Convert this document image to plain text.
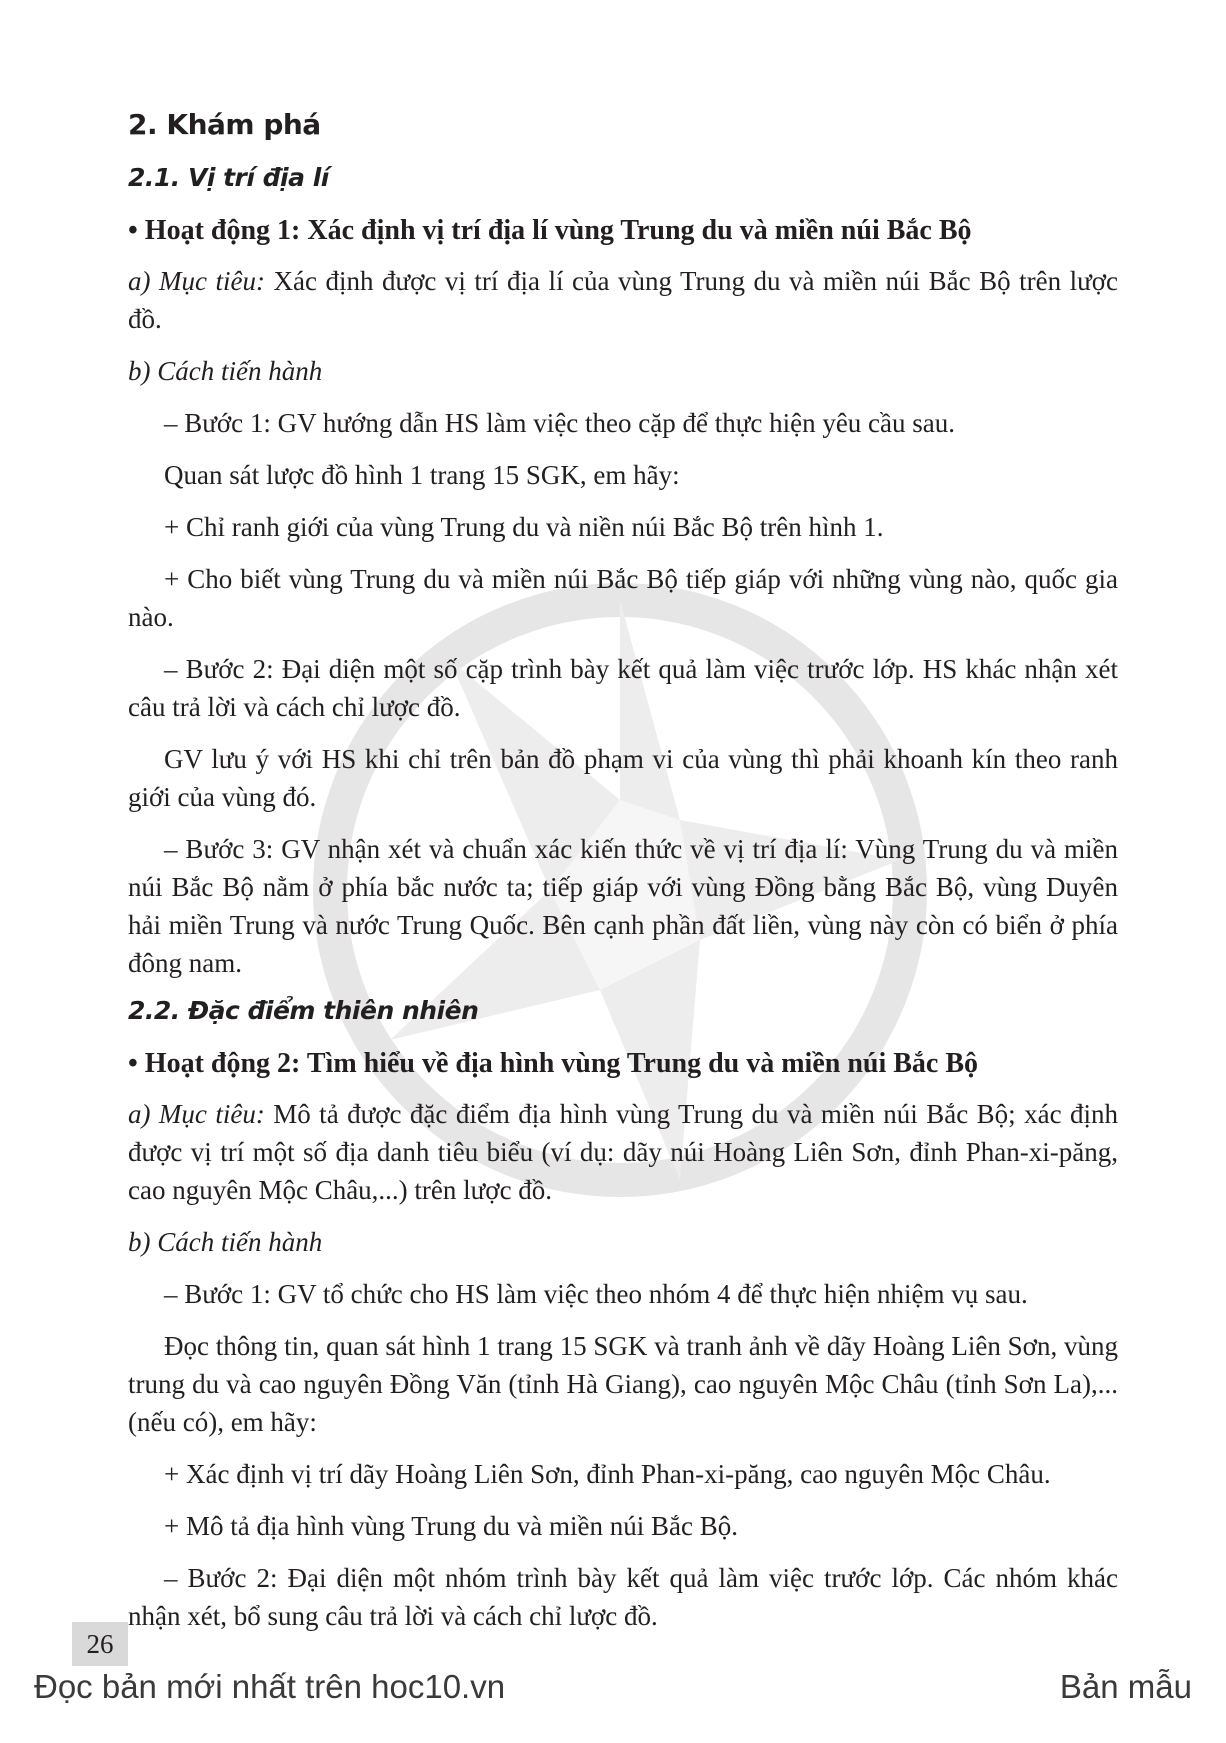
2. Khám phá
2.1. Vị trí địa lí
• Hoạt động 1: Xác định vị trí địa lí vùng Trung du và miền núi Bắc Bộ

a) Mục tiêu: Xác định được vị trí địa lí của vùng Trung du và miền núi Bắc Bộ trên lược đồ.

b) Cách tiến hành

– Bước 1: GV hướng dẫn HS làm việc theo cặp để thực hiện yêu cầu sau.

Quan sát lược đồ hình 1 trang 15 SGK, em hãy:

+ Chỉ ranh giới của vùng Trung du và niền núi Bắc Bộ trên hình 1.

+ Cho biết vùng Trung du và miền núi Bắc Bộ tiếp giáp với những vùng nào, quốc gia nào.

– Bước 2: Đại diện một số cặp trình bày kết quả làm việc trước lớp. HS khác nhận xét câu trả lời và cách chỉ lược đồ.

GV lưu ý với HS khi chỉ trên bản đồ phạm vi của vùng thì phải khoanh kín theo ranh giới của vùng đó.

– Bước 3: GV nhận xét và chuẩn xác kiến thức về vị trí địa lí: Vùng Trung du và miền núi Bắc Bộ nằm ở phía bắc nước ta; tiếp giáp với vùng Đồng bằng Bắc Bộ, vùng Duyên hải miền Trung và nước Trung Quốc. Bên cạnh phần đất liền, vùng này còn có biển ở phía đông nam.

2.2. Đặc điểm thiên nhiên
• Hoạt động 2: Tìm hiểu về địa hình vùng Trung du và miền núi Bắc Bộ

a) Mục tiêu: Mô tả được đặc điểm địa hình vùng Trung du và miền núi Bắc Bộ; xác định được vị trí một số địa danh tiêu biểu (ví dụ: dãy núi Hoàng Liên Sơn, đỉnh Phan-xi-păng, cao nguyên Mộc Châu,...) trên lược đồ.

b) Cách tiến hành

– Bước 1: GV tổ chức cho HS làm việc theo nhóm 4 để thực hiện nhiệm vụ sau.

Đọc thông tin, quan sát hình 1 trang 15 SGK và tranh ảnh về dãy Hoàng Liên Sơn, vùng trung du và cao nguyên Đồng Văn (tỉnh Hà Giang), cao nguyên Mộc Châu (tỉnh Sơn La),... (nếu có), em hãy:

+ Xác định vị trí dãy Hoàng Liên Sơn, đỉnh Phan-xi-păng, cao nguyên Mộc Châu.

+ Mô tả địa hình vùng Trung du và miền núi Bắc Bộ.

– Bước 2: Đại diện một nhóm trình bày kết quả làm việc trước lớp. Các nhóm khác nhận xét, bổ sung câu trả lời và cách chỉ lược đồ.

26
Đọc bản mới nhất trên hoc10.vn	Bản mẫu
